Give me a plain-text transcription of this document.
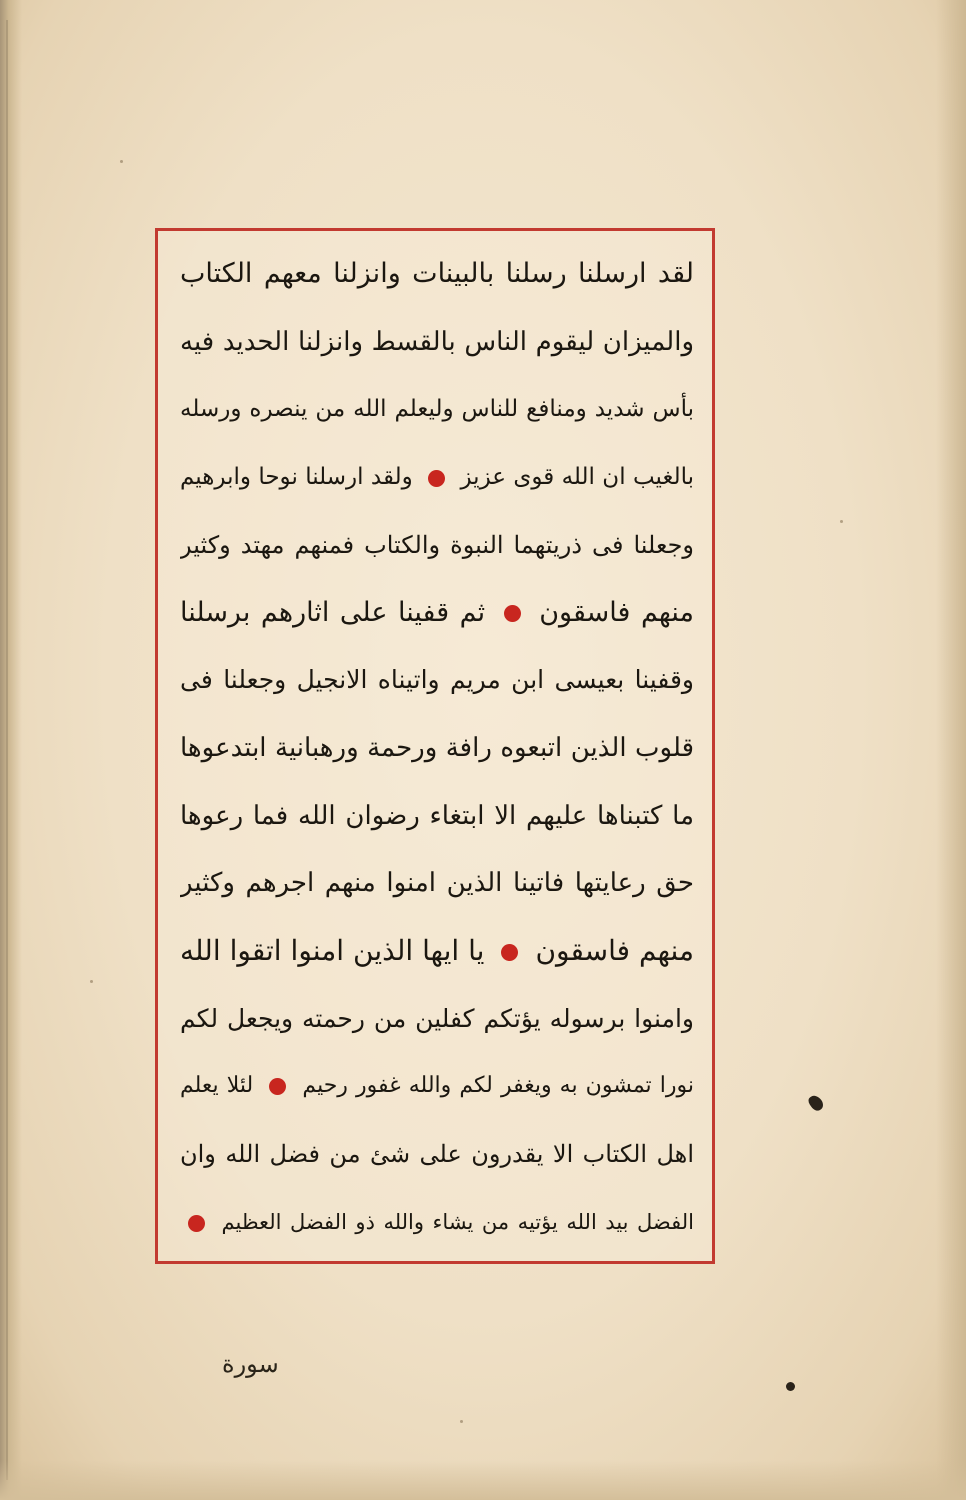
لقد ارسلنا رسلنا بالبينات وانزلنا معهم الكتاب
والميزان ليقوم الناس بالقسط وانزلنا الحديد فيه
بأس شديد ومنافع للناس وليعلم الله من ينصره ورسله
بالغيب ان الله قوى عزيز  ولقد ارسلنا نوحا وابرهيم
وجعلنا فى ذريتهما النبوة والكتاب فمنهم مهتد وكثير
منهم فاسقون  ثم قفينا على اثارهم برسلنا
وقفينا بعيسى ابن مريم واتيناه الانجيل وجعلنا فى
قلوب الذين اتبعوه رافة ورحمة ورهبانية ابتدعوها
ما كتبناها عليهم الا ابتغاء رضوان الله فما رعوها
حق رعايتها فاتينا الذين امنوا منهم اجرهم وكثير
منهم فاسقون  يا ايها الذين امنوا اتقوا الله
وامنوا برسوله يؤتكم كفلين من رحمته ويجعل لكم
نورا تمشون به ويغفر لكم والله غفور رحيم  لئلا يعلم
اهل الكتاب الا يقدرون على شئ من فضل الله وان
الفضل بيد الله يؤتيه من يشاء والله ذو الفضل العظيم
سورة
